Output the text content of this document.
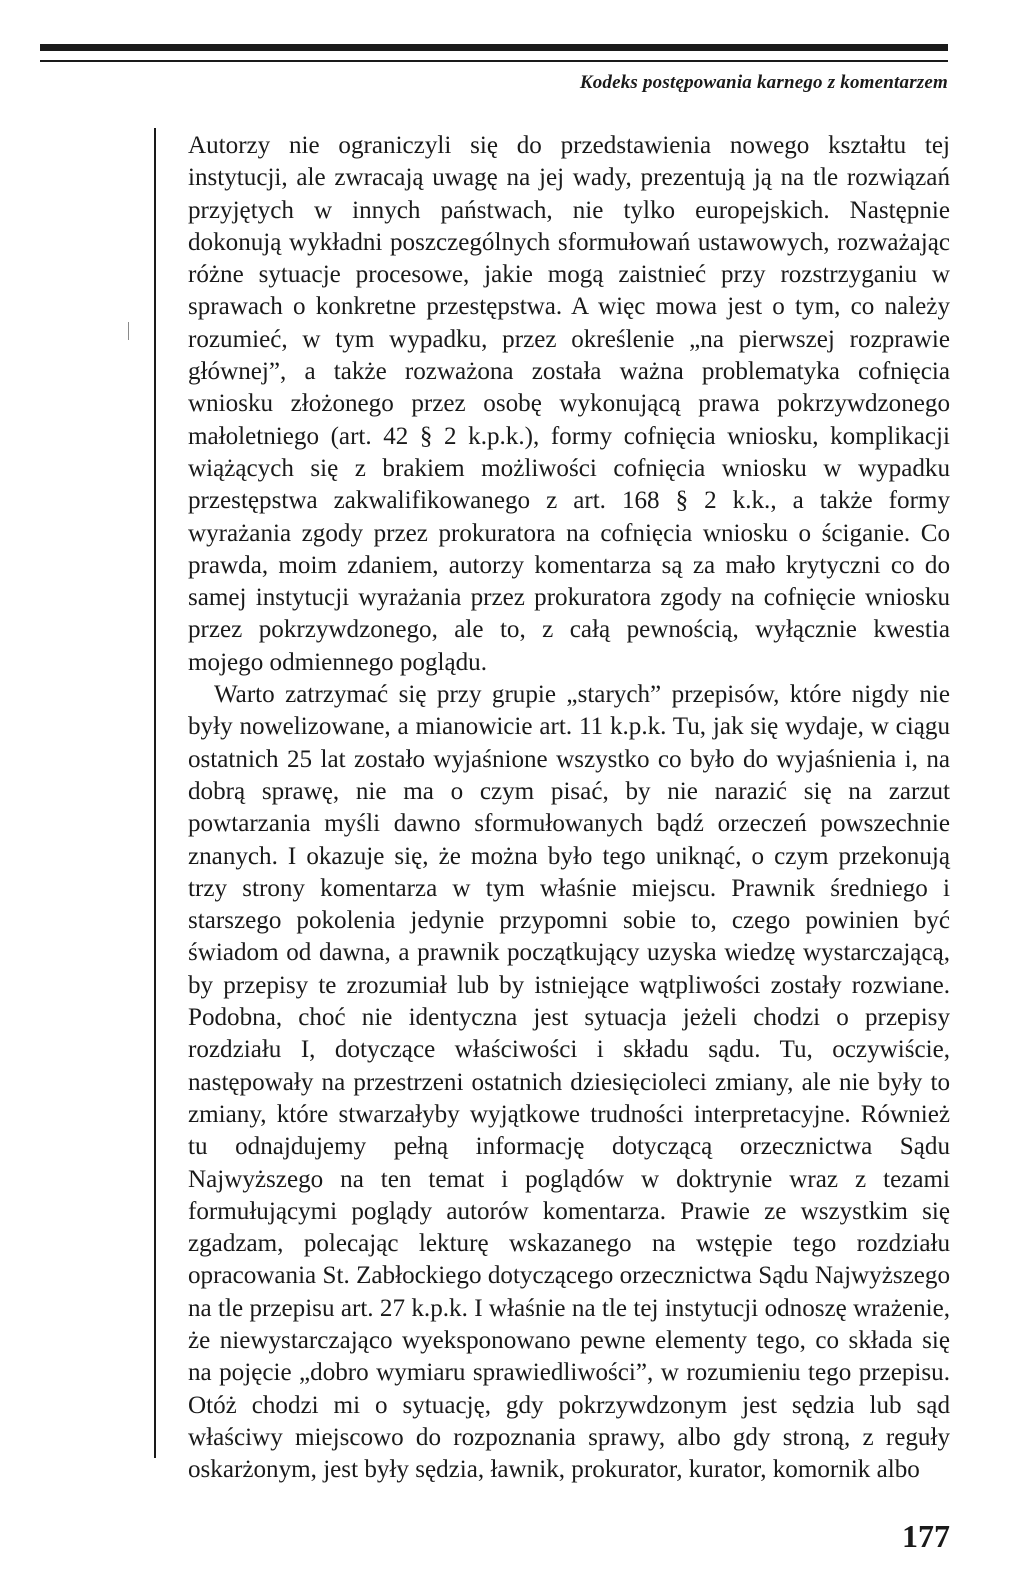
Kodeks postępowania karnego z komentarzem

Autorzy nie ograniczyli się do przedstawienia nowego kształtu tej instytucji, ale zwracają uwagę na jej wady, prezentują ją na tle rozwiązań przyjętych w innych państwach, nie tylko europejskich. Następnie dokonują wykładni poszczególnych sformułowań ustawowych, rozważając różne sytuacje procesowe, jakie mogą zaistnieć przy rozstrzyganiu w sprawach o konkretne przestępstwa. A więc mowa jest o tym, co należy rozumieć, w tym wypadku, przez określenie „na pierwszej rozprawie głównej”, a także rozważona została ważna problematyka cofnięcia wniosku złożonego przez osobę wykonującą prawa pokrzywdzonego małoletniego (art. 42 § 2 k.p.k.), formy cofnięcia wniosku, komplikacji wiążących się z brakiem możliwości cofnięcia wniosku w wypadku przestępstwa zakwalifikowanego z art. 168 § 2 k.k., a także formy wyrażania zgody przez prokuratora na cofnięcia wniosku o ściganie. Co prawda, moim zdaniem, autorzy komentarza są za mało krytyczni co do samej instytucji wyrażania przez prokuratora zgody na cofnięcie wniosku przez pokrzywdzonego, ale to, z całą pewnością, wyłącznie kwestia mojego odmiennego poglądu.

Warto zatrzymać się przy grupie „starych” przepisów, które nigdy nie były nowelizowane, a mianowicie art. 11 k.p.k. Tu, jak się wydaje, w ciągu ostatnich 25 lat zostało wyjaśnione wszystko co było do wyjaśnienia i, na dobrą sprawę, nie ma o czym pisać, by nie narazić się na zarzut powtarzania myśli dawno sformułowanych bądź orzeczeń powszechnie znanych. I okazuje się, że można było tego uniknąć, o czym przekonują trzy strony komentarza w tym właśnie miejscu. Prawnik średniego i starszego pokolenia jedynie przypomni sobie to, czego powinien być świadom od dawna, a prawnik początkujący uzyska wiedzę wystarczającą, by przepisy te zrozumiał lub by istniejące wątpliwości zostały rozwiane. Podobna, choć nie identyczna jest sytuacja jeżeli chodzi o przepisy rozdziału I, dotyczące właściwości i składu sądu. Tu, oczywiście, następowały na przestrzeni ostatnich dziesięcioleci zmiany, ale nie były to zmiany, które stwarzałyby wyjątkowe trudności interpretacyjne. Również tu odnajdujemy pełną informację dotyczącą orzecznictwa Sądu Najwyższego na ten temat i poglądów w doktrynie wraz z tezami formułującymi poglądy autorów komentarza. Prawie ze wszystkim się zgadzam, polecając lekturę wskazanego na wstępie tego rozdziału opracowania St. Zabłockiego dotyczącego orzecznictwa Sądu Najwyższego na tle przepisu art. 27 k.p.k. I właśnie na tle tej instytucji odnoszę wrażenie, że niewystarczająco wyeksponowano pewne elementy tego, co składa się na pojęcie „dobro wymiaru sprawiedliwości”, w rozumieniu tego przepisu. Otóż chodzi mi o sytuację, gdy pokrzywdzonym jest sędzia lub sąd właściwy miejscowo do rozpoznania sprawy, albo gdy stroną, z reguły oskarżonym, jest były sędzia, ławnik, prokurator, kurator, komornik albo

177
